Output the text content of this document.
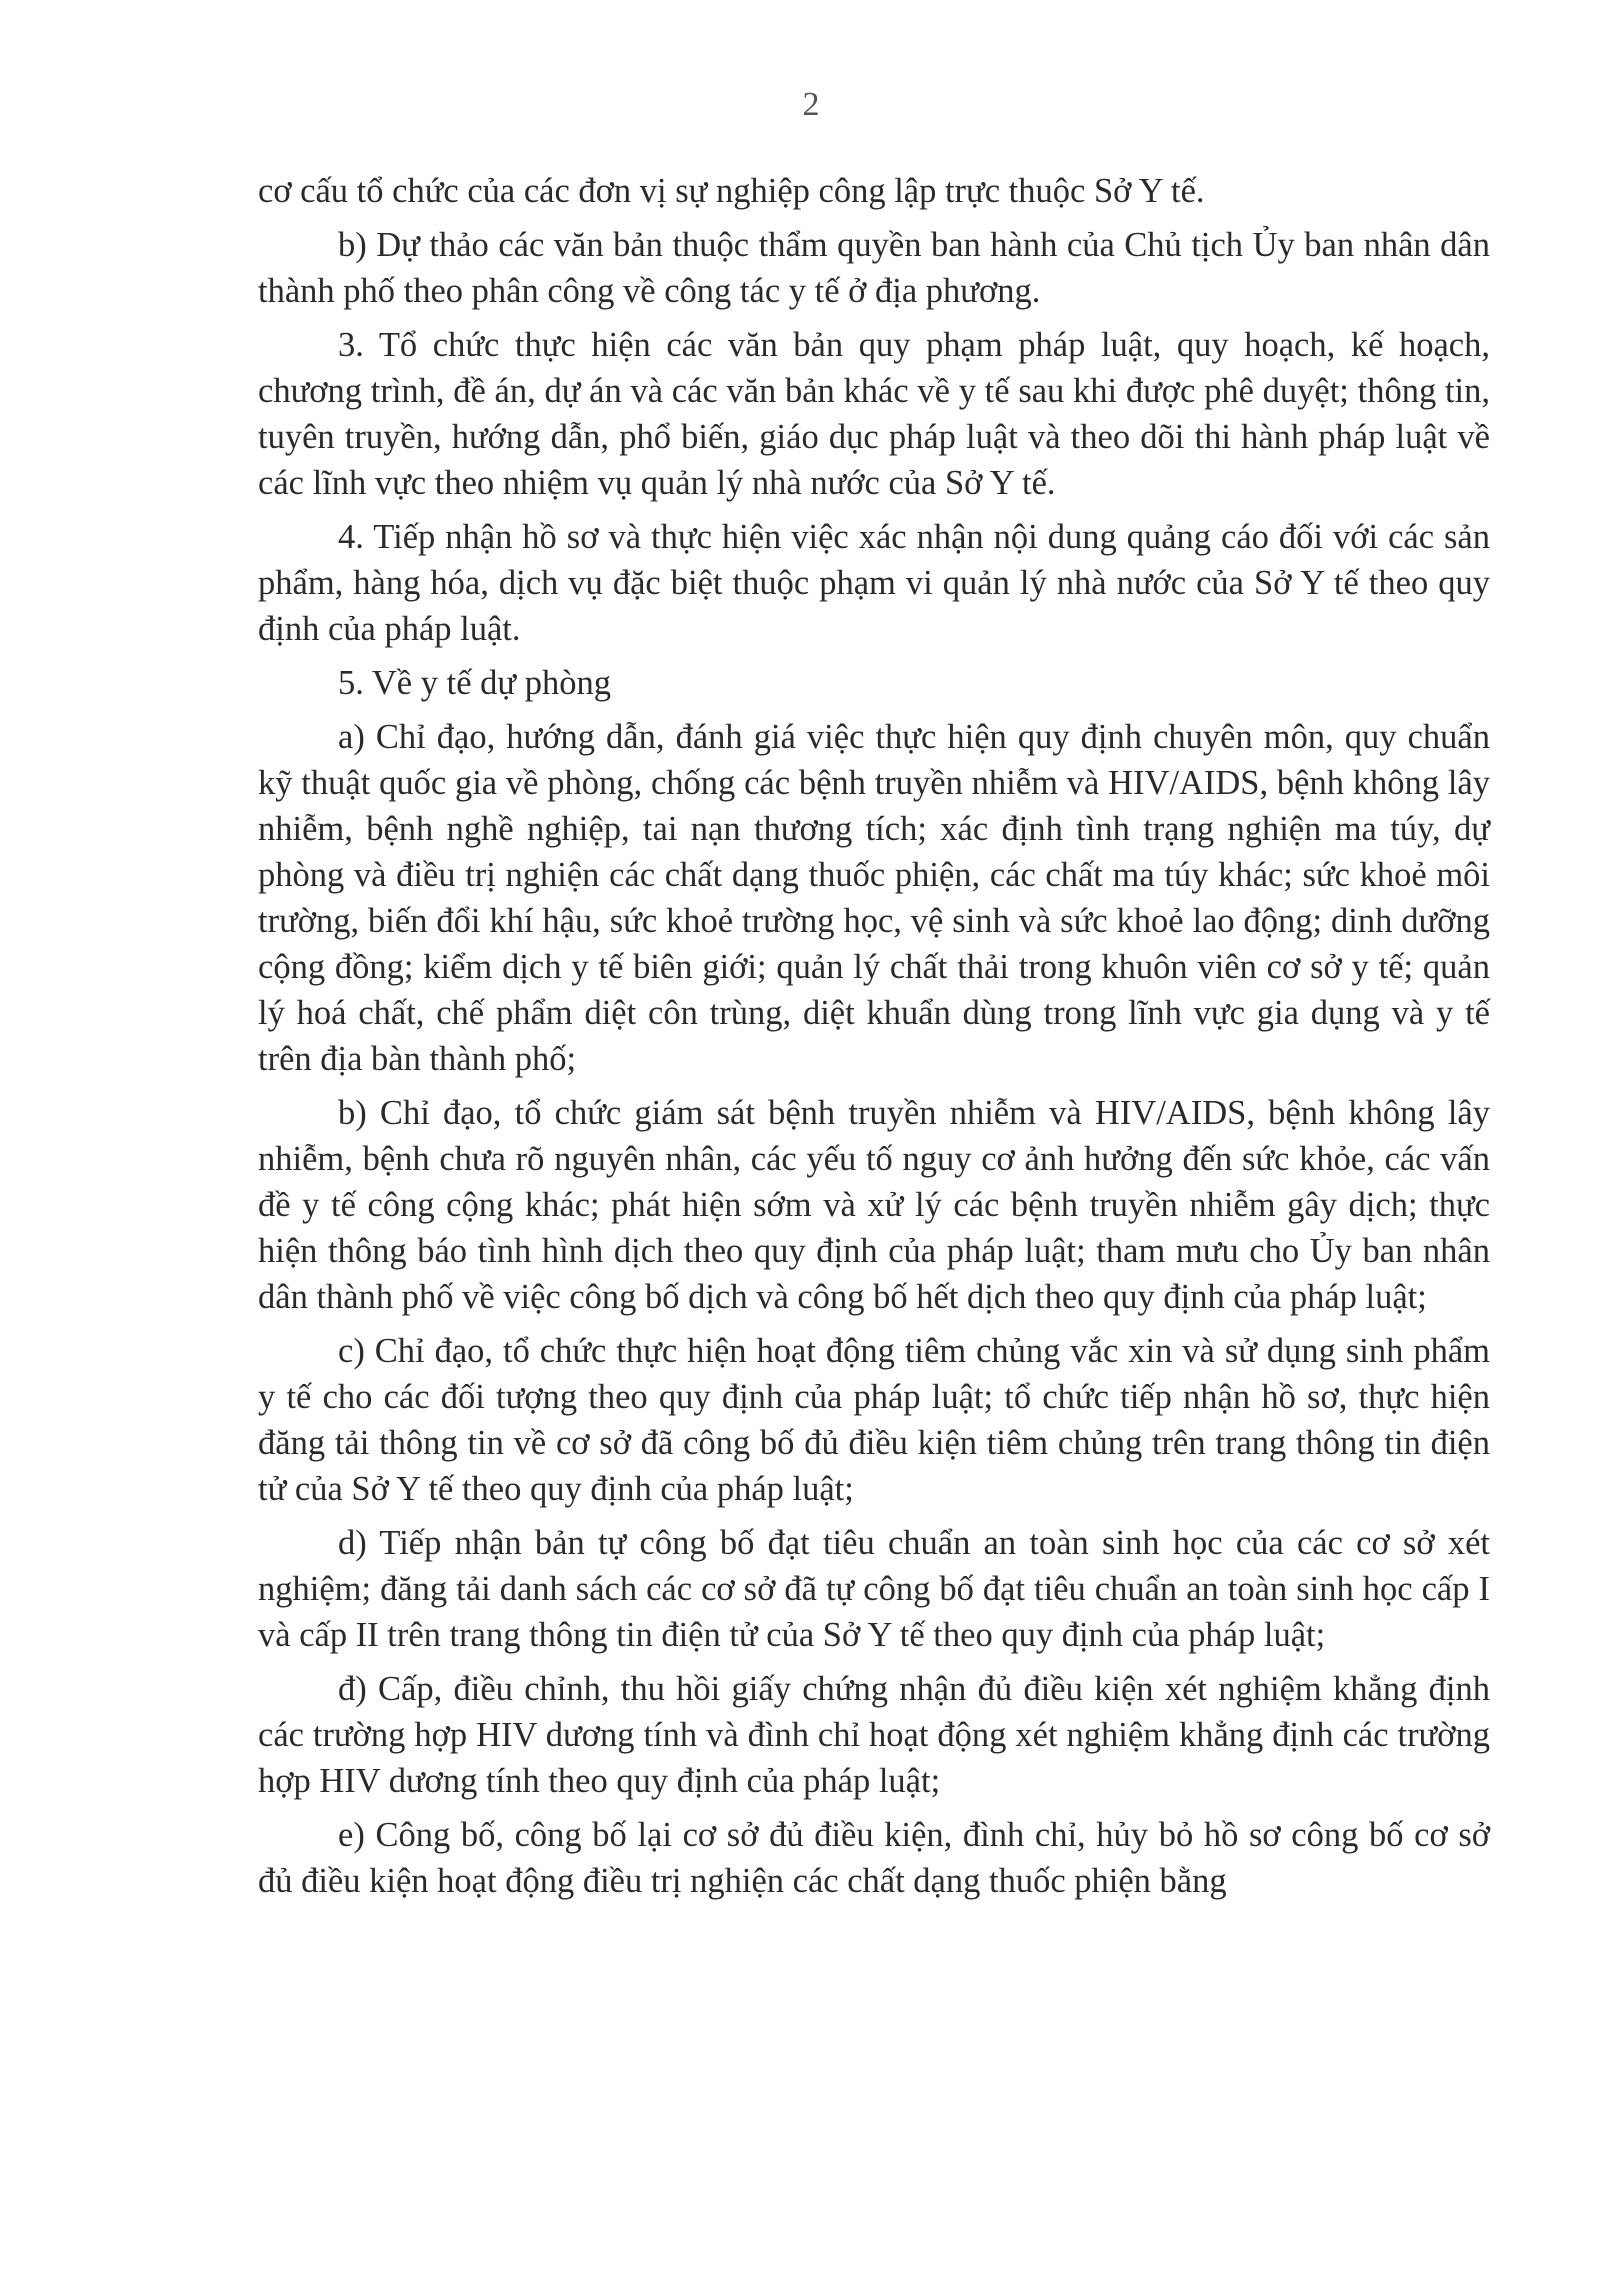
2

cơ cấu tổ chức của các đơn vị sự nghiệp công lập trực thuộc Sở Y tế.

b) Dự thảo các văn bản thuộc thẩm quyền ban hành của Chủ tịch Ủy ban nhân dân thành phố theo phân công về công tác y tế ở địa phương.

3. Tổ chức thực hiện các văn bản quy phạm pháp luật, quy hoạch, kế hoạch, chương trình, đề án, dự án và các văn bản khác về y tế sau khi được phê duyệt; thông tin, tuyên truyền, hướng dẫn, phổ biến, giáo dục pháp luật và theo dõi thi hành pháp luật về các lĩnh vực theo nhiệm vụ quản lý nhà nước của Sở Y tế.

4. Tiếp nhận hồ sơ và thực hiện việc xác nhận nội dung quảng cáo đối với các sản phẩm, hàng hóa, dịch vụ đặc biệt thuộc phạm vi quản lý nhà nước của Sở Y tế theo quy định của pháp luật.

5. Về y tế dự phòng

a) Chỉ đạo, hướng dẫn, đánh giá việc thực hiện quy định chuyên môn, quy chuẩn kỹ thuật quốc gia về phòng, chống các bệnh truyền nhiễm và HIV/AIDS, bệnh không lây nhiễm, bệnh nghề nghiệp, tai nạn thương tích; xác định tình trạng nghiện ma túy, dự phòng và điều trị nghiện các chất dạng thuốc phiện, các chất ma túy khác; sức khoẻ môi trường, biến đổi khí hậu, sức khoẻ trường học, vệ sinh và sức khoẻ lao động; dinh dưỡng cộng đồng; kiểm dịch y tế biên giới; quản lý chất thải trong khuôn viên cơ sở y tế; quản lý hoá chất, chế phẩm diệt côn trùng, diệt khuẩn dùng trong lĩnh vực gia dụng và y tế trên địa bàn thành phố;

b) Chỉ đạo, tổ chức giám sát bệnh truyền nhiễm và HIV/AIDS, bệnh không lây nhiễm, bệnh chưa rõ nguyên nhân, các yếu tố nguy cơ ảnh hưởng đến sức khỏe, các vấn đề y tế công cộng khác; phát hiện sớm và xử lý các bệnh truyền nhiễm gây dịch; thực hiện thông báo tình hình dịch theo quy định của pháp luật; tham mưu cho Ủy ban nhân dân thành phố về việc công bố dịch và công bố hết dịch theo quy định của pháp luật;

c) Chỉ đạo, tổ chức thực hiện hoạt động tiêm chủng vắc xin và sử dụng sinh phẩm y tế cho các đối tượng theo quy định của pháp luật; tổ chức tiếp nhận hồ sơ, thực hiện đăng tải thông tin về cơ sở đã công bố đủ điều kiện tiêm chủng trên trang thông tin điện tử của Sở Y tế theo quy định của pháp luật;

d) Tiếp nhận bản tự công bố đạt tiêu chuẩn an toàn sinh học của các cơ sở xét nghiệm; đăng tải danh sách các cơ sở đã tự công bố đạt tiêu chuẩn an toàn sinh học cấp I và cấp II trên trang thông tin điện tử của Sở Y tế theo quy định của pháp luật;

đ) Cấp, điều chỉnh, thu hồi giấy chứng nhận đủ điều kiện xét nghiệm khẳng định các trường hợp HIV dương tính và đình chỉ hoạt động xét nghiệm khẳng định các trường hợp HIV dương tính theo quy định của pháp luật;

e) Công bố, công bố lại cơ sở đủ điều kiện, đình chỉ, hủy bỏ hồ sơ công bố cơ sở đủ điều kiện hoạt động điều trị nghiện các chất dạng thuốc phiện bằng
